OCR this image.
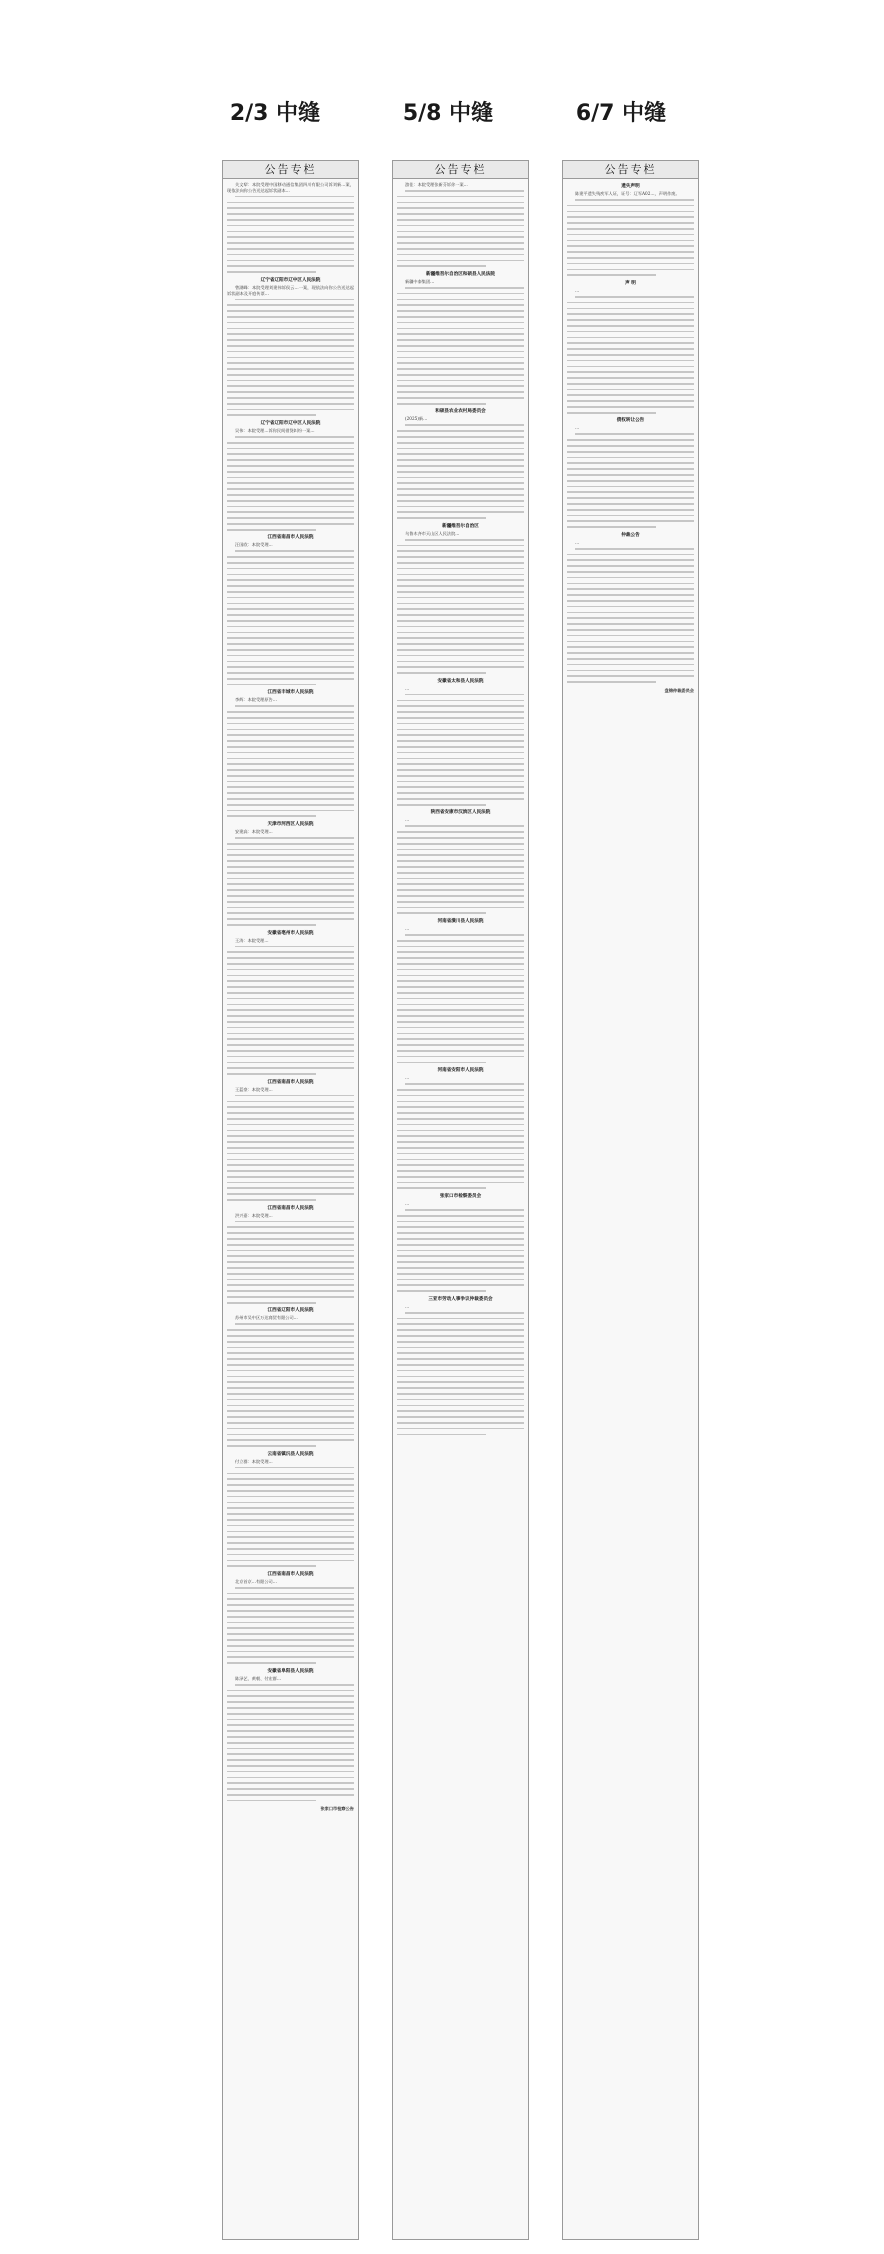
2/3 中缝	5/8 中缝	6/7 中缝
公告专栏
关文犁：本院受理中国移动通信集团四川有限公司诉刘新…案，现依法向你公告送达起诉状副本…
辽宁省辽阳市辽中区人民法院
曾湖峰：本院受理刘建伟诉侯云…一案，现依法向你公告送达起诉状副本及开庭传票…
辽宁省辽阳市辽中区人民法院
吴伟：本院受理…诉你民间借贷纠纷一案…
江西省南昌市人民法院
汪国欣：本院受理…
江西省丰城市人民法院
李辉：本院受理原告…
天津市河西区人民法院
安建高：本院受理…
安徽省亳州市人民法院
王涛：本院受理…
江西省南昌市人民法院
王蓝豪：本院受理…
江西省南昌市人民法院
洪兴嘉：本院受理…
江西省辽阳市人民法院
苏州市吴中区万达商贸有限公司…
云南省镇沅县人民法院
付立群：本院受理…
江西省南昌市人民法院
北京首京…有限公司…
安徽省阜阳县人民法院
陈泽艺、黄朝、付宏群…
张家口市检察公告
公告专栏
游佳：本院受理张新芬诉你一案…
新疆维吾尔自治区和硕县人民法院
新疆中泰集团…
和硕县农业农村局委员会
(2025)新…
新疆维吾尔自治区
乌鲁木齐市天山区人民法院…
安徽省太和县人民法院
…
陕西省安康市汉滨区人民法院
…
河南省潢川县人民法院
…
河南省安阳市人民法院
…
张家口市检察委员会
…
三亚市劳动人事争议仲裁委员会
…
公告专栏
遗失声明
陈建平遗失残疾军人证，证号：辽军A02…，声明作废。
声 明
…
债权转让公告
…
仲裁公告
…
盘锦仲裁委员会
